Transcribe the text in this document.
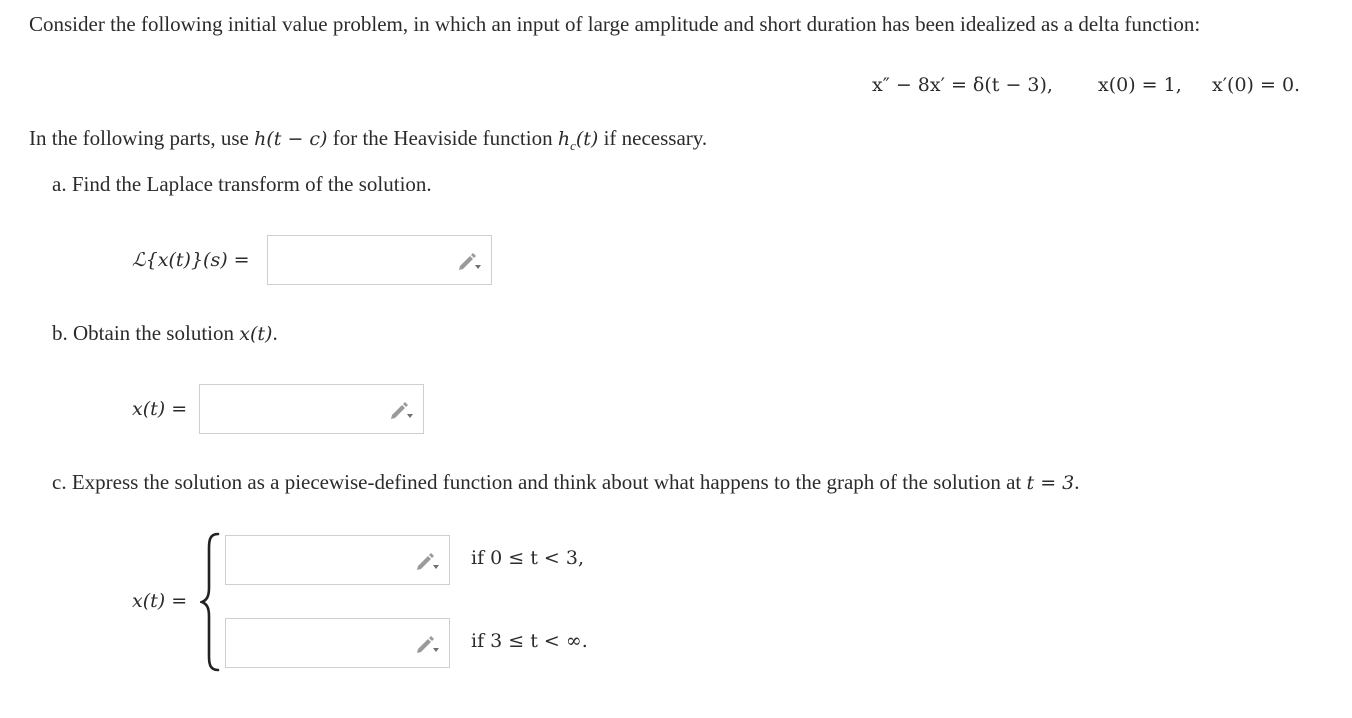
Consider the following initial value problem, in which an input of large amplitude and short duration has been idealized as a delta function:
x″ − 8x′ = δ(t − 3), x(0) = 1, x′(0) = 0.
In the following parts, use h(t − c) for the Heaviside function $h_c(t)$ if necessary.
a. Find the Laplace transform of the solution.
ℒ{x(t)}(s) =
b. Obtain the solution x(t).
x(t) =
c. Express the solution as a piecewise-defined function and think about what happens to the graph of the solution at t = 3.
x(t) =
if 0 ≤ t < 3,
if 3 ≤ t < ∞.
